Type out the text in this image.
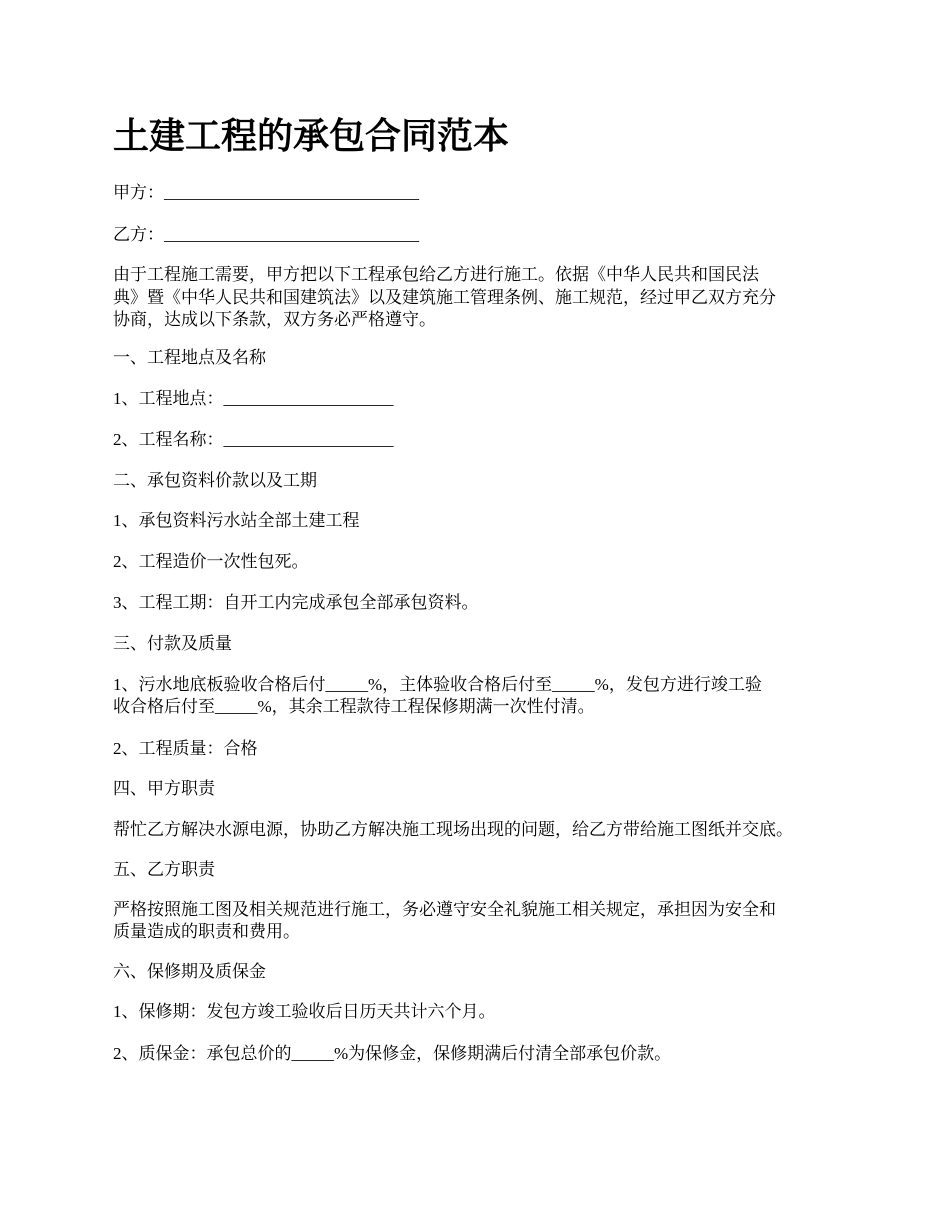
土建工程的承包合同范本

甲方：______________________________

乙方：______________________________

由于工程施工需要，甲方把以下工程承包给乙方进行施工。依据《中华人民共和国民法

典》暨《中华人民共和国建筑法》以及建筑施工管理条例、施工规范，经过甲乙双方充分

协商，达成以下条款，双方务必严格遵守。

一、工程地点及名称

1、工程地点：____________________

2、工程名称：____________________

二、承包资料价款以及工期

1、承包资料污水站全部土建工程

2、工程造价一次性包死。

3、工程工期：自开工内完成承包全部承包资料。

三、付款及质量

1、污水地底板验收合格后付_____%，主体验收合格后付至_____%，发包方进行竣工验

收合格后付至_____%，其余工程款待工程保修期满一次性付清。

2、工程质量：合格

四、甲方职责

帮忙乙方解决水源电源，协助乙方解决施工现场出现的问题，给乙方带给施工图纸并交底。

五、乙方职责

严格按照施工图及相关规范进行施工，务必遵守安全礼貌施工相关规定，承担因为安全和

质量造成的职责和费用。

六、保修期及质保金

1、保修期：发包方竣工验收后日历天共计六个月。

2、质保金：承包总价的_____%为保修金，保修期满后付清全部承包价款。
